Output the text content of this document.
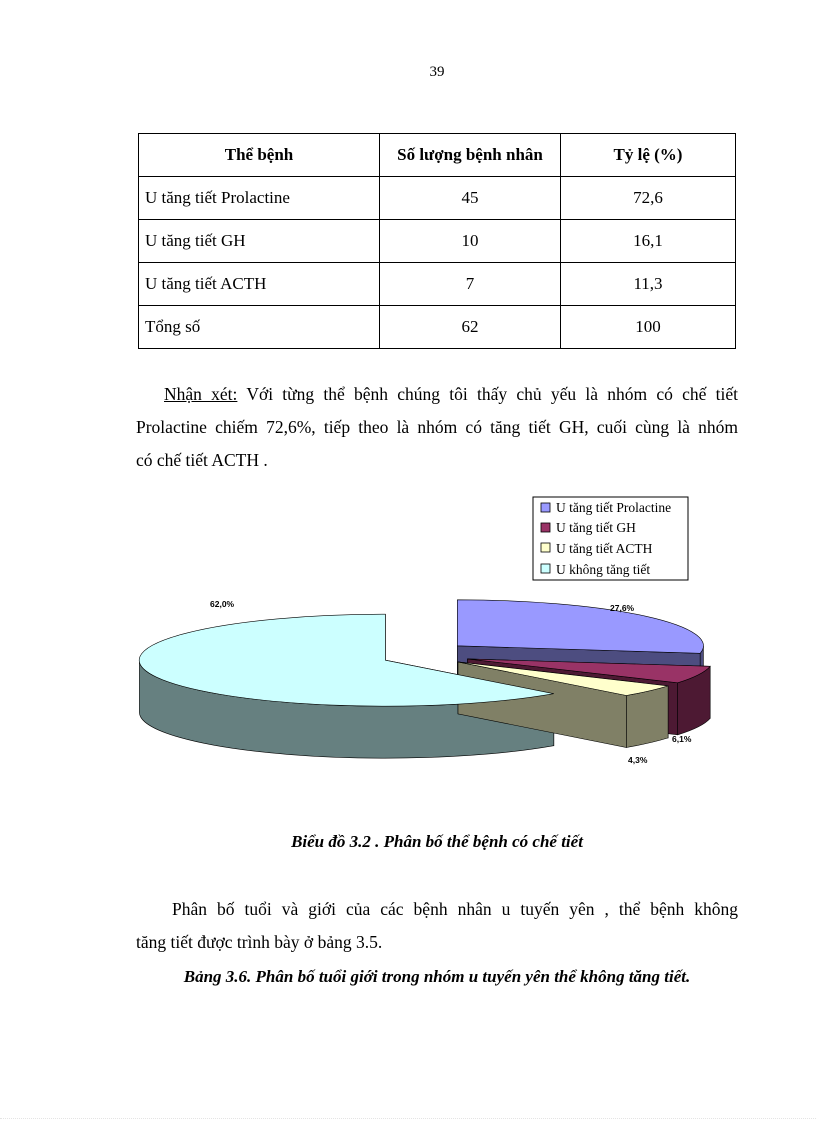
39
Thể bệnh	Số lượng bệnh nhân	Tỷ lệ (%)
U tăng tiết Prolactine	45	72,6
U tăng tiết GH	10	16,1
U tăng tiết ACTH	7	11,3
Tổng số	62	100
Nhận xét: Với từng thể bệnh chúng tôi thấy chủ yếu là nhóm có chế tiết
Prolactine chiếm 72,6%, tiếp theo là nhóm có tăng tiết GH, cuối cùng là nhóm
có chế tiết ACTH .
27,6%
6,1%
4,3%
62,0%
U tăng tiết Prolactine
U tăng tiết GH
U tăng tiết ACTH
U không tăng tiết
Biểu đồ 3.2 . Phân bố thể bệnh có chế tiết
Phân bố tuổi và giới của các bệnh nhân u tuyến yên , thể bệnh không
tăng tiết được trình bày ở bảng 3.5.
Bảng 3.6. Phân bố tuổi giới trong nhóm u tuyến yên thể không tăng tiết.
